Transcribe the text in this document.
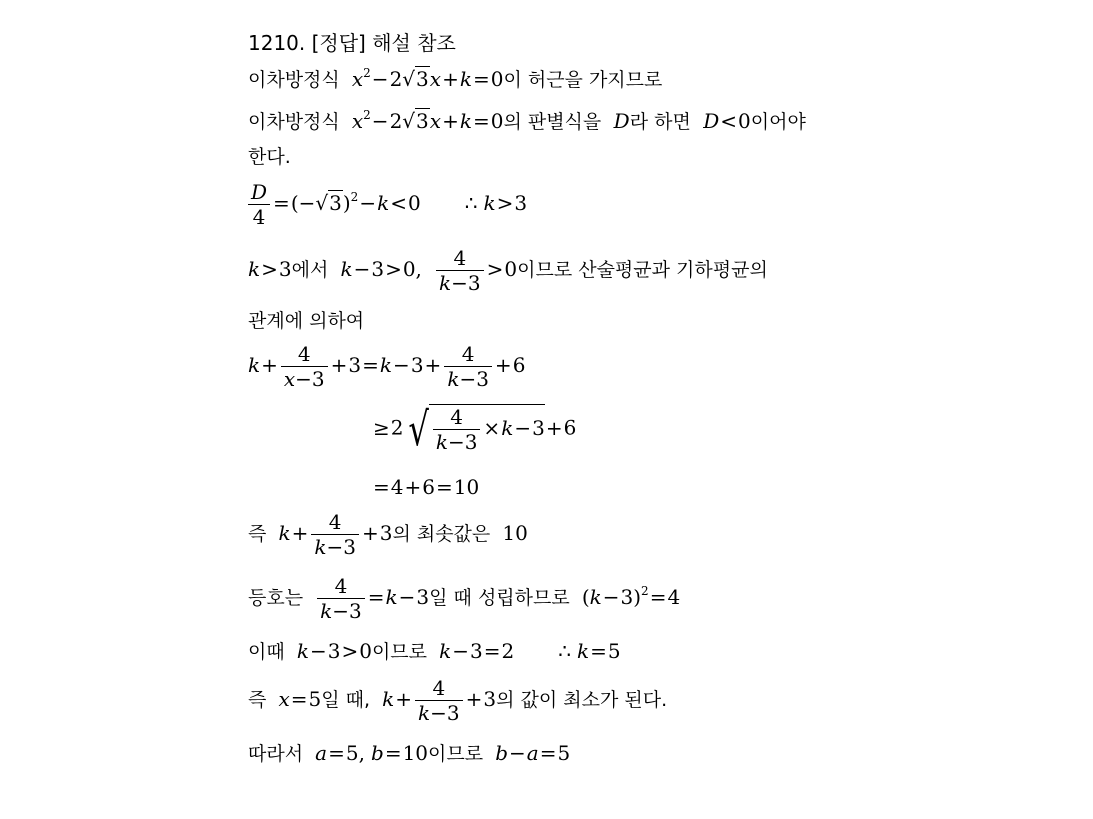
1210. [정답] 해설 참조
이차방정식 $x^2-2√3x+k=0$이 허근을 가지므로
이차방정식 $x^2-2√3x+k=0$의 판별식을  D라 하면  D<0이어야
한다.
$\frac{D}{4} =(-√3)^2-k<0$ ∴ k>3
k>3에서 k−3>0, $\frac{4}{k-3} >0$이므로 산술평균과 기하평균의
관계에 의하여
$k+ \frac{4}{x-3} +3=k-3+ \frac{4}{k-3} +6$
$\ge 2√ \frac{4}{k-3} \times k-3+6$
=4+6=10
즉 $k+ \frac{4}{k-3} +3$의 최솟값은 10
등호는 $\frac{4}{k-3} =k-3$일 때 성립하므로 $(k-3)^2=4$
이때 k−3>0이므로 k−3=2 ∴ k=5
즉 x=5일 때, $k+ \frac{4}{k-3} +3$의 값이 최소가 된다.
따라서 a=5, b=10이므로 b−a=5
